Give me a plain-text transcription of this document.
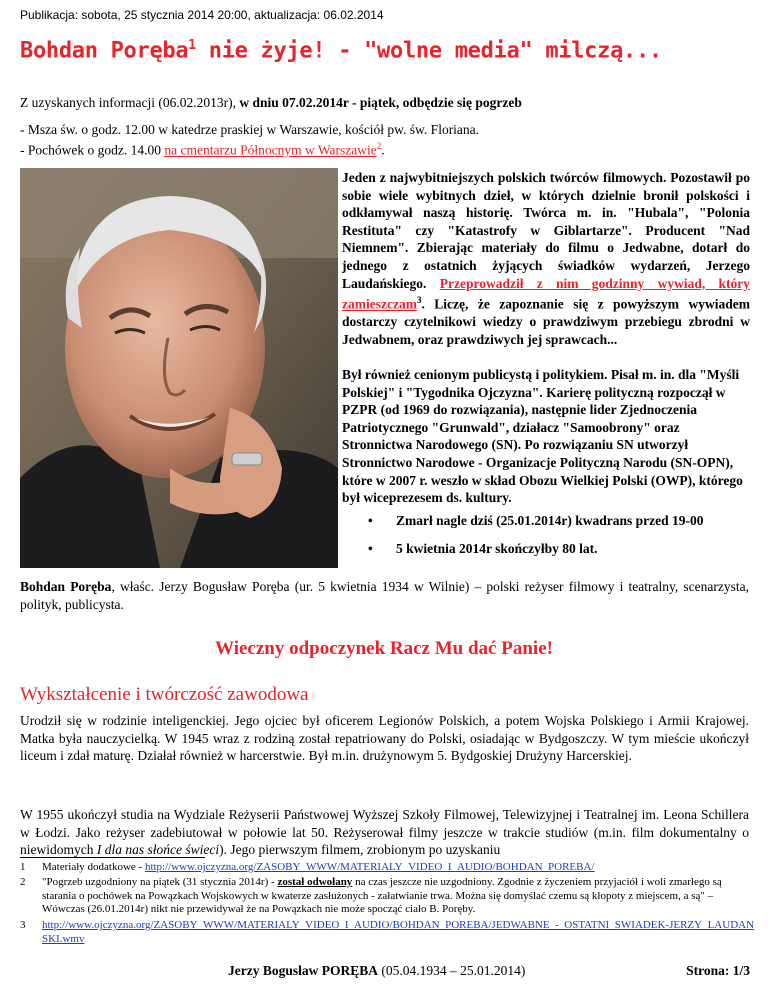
Publikacja: sobota, 25 stycznia 2014 20:00, aktualizacja: 06.02.2014
Bohdan Poręba$^1$ nie żyje! - "wolne media" milczą...
Z uzyskanych informacji (06.02.2013r), w dniu 07.02.2014r - piątek, odbędzie się pogrzeb
- Msza św. o godz. 12.00 w katedrze praskiej w Warszawie, kościół pw. św. Floriana.
- Pochówek o godz. 14.00 na cmentarzu Północnym w Warszawie$^2$.
Jeden z najwybitniejszych polskich twórców filmowych. Pozostawił po sobie wiele wybitnych dzieł, w których dzielnie bronił polskości i odkłamywał naszą historię. Twórca m. in. "Hubala", "Polonia Restituta" czy "Katastrofy w Giblartarze". Producent "Nad Niemnem". Zbierając materiały do filmu o Jedwabne, dotarł do jednego z ostatnich żyjących świadków wydarzeń, Jerzego Laudańskiego. Przeprowadził z nim godzinny wywiad, który zamieszczam$^3$. Liczę, że zapoznanie się z powyższym wywiadem dostarczy czytelnikowi wiedzy o prawdziwym przebiegu zbrodni w Jedwabnem, oraz prawdziwych jej sprawcach...
Był również cenionym publicystą i politykiem. Pisał m. in. dla "Myśli Polskiej" i "Tygodnika Ojczyzna". Karierę polityczną rozpoczął w PZPR (od 1969 do rozwiązania), następnie lider Zjednoczenia Patriotycznego "Grunwald", działacz "Samoobrony" oraz Stronnictwa Narodowego (SN). Po rozwiązaniu SN utworzył Stronnictwo Narodowe - Organizacje Polityczną Narodu (SN-OPN), które w 2007 r. weszło w skład Obozu Wielkiej Polski (OWP), którego był wiceprezesem ds. kultury.
• Zmarł nagle dziś (25.01.2014r) kwadrans przed 19-00
• 5 kwietnia 2014r skończyłby 80 lat.
Bohdan Poręba, właśc. Jerzy Bogusław Poręba (ur. 5 kwietnia 1934 w Wilnie) – polski reżyser filmowy i teatralny, scenarzysta, polityk, publicysta.
Wieczny odpoczynek Racz Mu dać Panie!
Wykształcenie i twórczość zawodowa
Urodził się w rodzinie inteligenckiej. Jego ojciec był oficerem Legionów Polskich, a potem Wojska Polskiego i Armii Krajowej. Matka była nauczycielką. W 1945 wraz z rodziną został repatriowany do Polski, osiadając w Bydgoszczy. W tym mieście ukończył liceum i zdał maturę. Działał również w harcerstwie. Był m.in. drużynowym 5. Bydgoskiej Drużyny Harcerskiej.
W 1955 ukończył studia na Wydziale Reżyserii Państwowej Wyższej Szkoły Filmowej, Telewizyjnej i Teatralnej im. Leona Schillera w Łodzi. Jako reżyser zadebiutował w połowie lat 50. Reżyserował filmy jeszcze w trakcie studiów (m.in. film dokumentalny o niewidomych I dla nas słońce świeci). Jego pierwszym filmem, zrobionym po uzyskaniu
1 Materiały dodatkowe - http://www.ojczyzna.org/ZASOBY_WWW/MATERIALY_VIDEO_I_AUDIO/BOHDAN_POREBA/
2 "Pogrzeb uzgodniony na piątek (31 stycznia 2014r) - został odwołany na czas jeszcze nie uzgodniony. Zgodnie z życzeniem przyjaciół i woli zmarłego są starania o pochówek na Powązkach Wojskowych w kwaterze zasłużonych - załatwianie trwa. Można się domyślać czemu są kłopoty z miejscem, a są" – Wówczas (26.01.2014r) nikt nie przewidywał że na Powązkach nie może spocząć ciało B. Poręby.
3 http://www.ojczyzna.org/ZASOBY_WWW/MATERIALY_VIDEO_I_AUDIO/BOHDAN_POREBA/JEDWABNE_-_OSTATNI_SWIADEK-JERZY_LAUDANSKI.wmv
Jerzy Bogusław PORĘBA (05.04.1934 – 25.01.2014)	Strona: 1/3
